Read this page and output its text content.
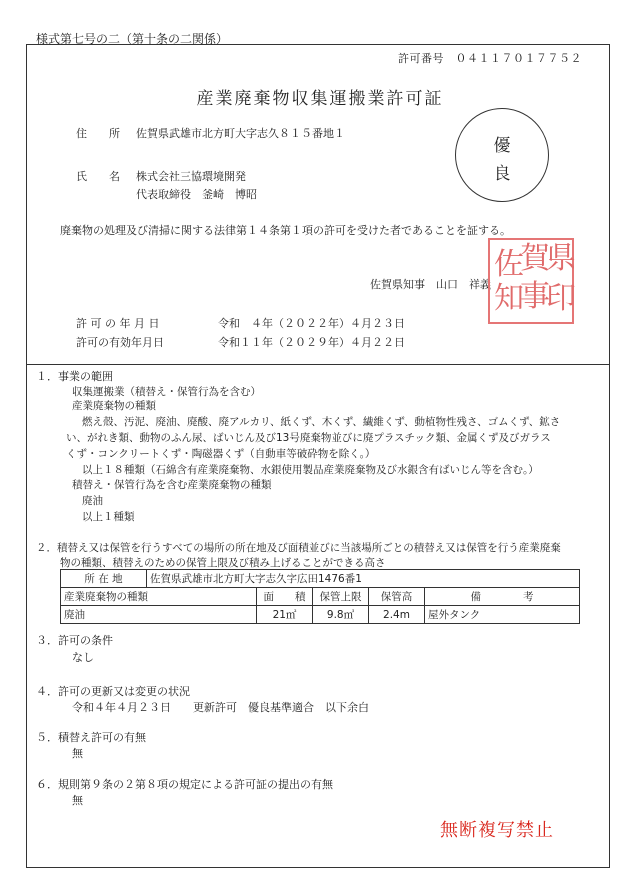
様式第七号の二（第十条の二関係）
許可番号　０４１１７０１７７５２
産業廃棄物収集運搬業許可証
住　　所 佐賀県武雄市北方町大字志久８１５番地１
氏　　名 株式会社三協環境開発
代表取締役　釜崎　博昭
優
良
廃棄物の処理及び清掃に関する法律第１４条第１項の許可を受けた者であることを証する。
佐賀県知事　山口　祥義
佐
賀
県
知
事
印
許 可 の 年 月 日	令和　４年（２０２２年）４月２３日
許可の有効年月日	令和１１年（２０２９年）４月２２日
１．事業の範囲
収集運搬業（積替え・保管行為を含む）
産業廃棄物の種類
燃え殻、汚泥、廃油、廃酸、廃アルカリ、紙くず、木くず、繊維くず、動植物性残さ、ゴムくず、鉱さ
い、がれき類、動物のふん尿、ばいじん及び13号廃棄物並びに廃プラスチック類、金属くず及びガラス
くず・コンクリートくず・陶磁器くず（自動車等破砕物を除く。）
以上１８種類（石綿含有産業廃棄物、水銀使用製品産業廃棄物及び水銀含有ばいじん等を含む。）
積替え・保管行為を含む産業廃棄物の種類
廃油
以上１種類
２．積替え又は保管を行うすべての場所の所在地及び面積並びに当該場所ごとの積替え又は保管を行う産業廃棄
物の種類、積替えのための保管上限及び積み上げることができる高さ
所 在 地	佐賀県武雄市北方町大字志久字広田1476番1				
産業廃棄物の種類		面　　積	保管上限	保管高	備　　　　考
廃油		21㎡	9.8㎥	2.4m	屋外タンク
３．許可の条件
なし
４．許可の更新又は変更の状況
令和４年４月２３日　　更新許可　優良基準適合　以下余白
５．積替え許可の有無
無
６．規則第９条の２第８項の規定による許可証の提出の有無
無
無断複写禁止
